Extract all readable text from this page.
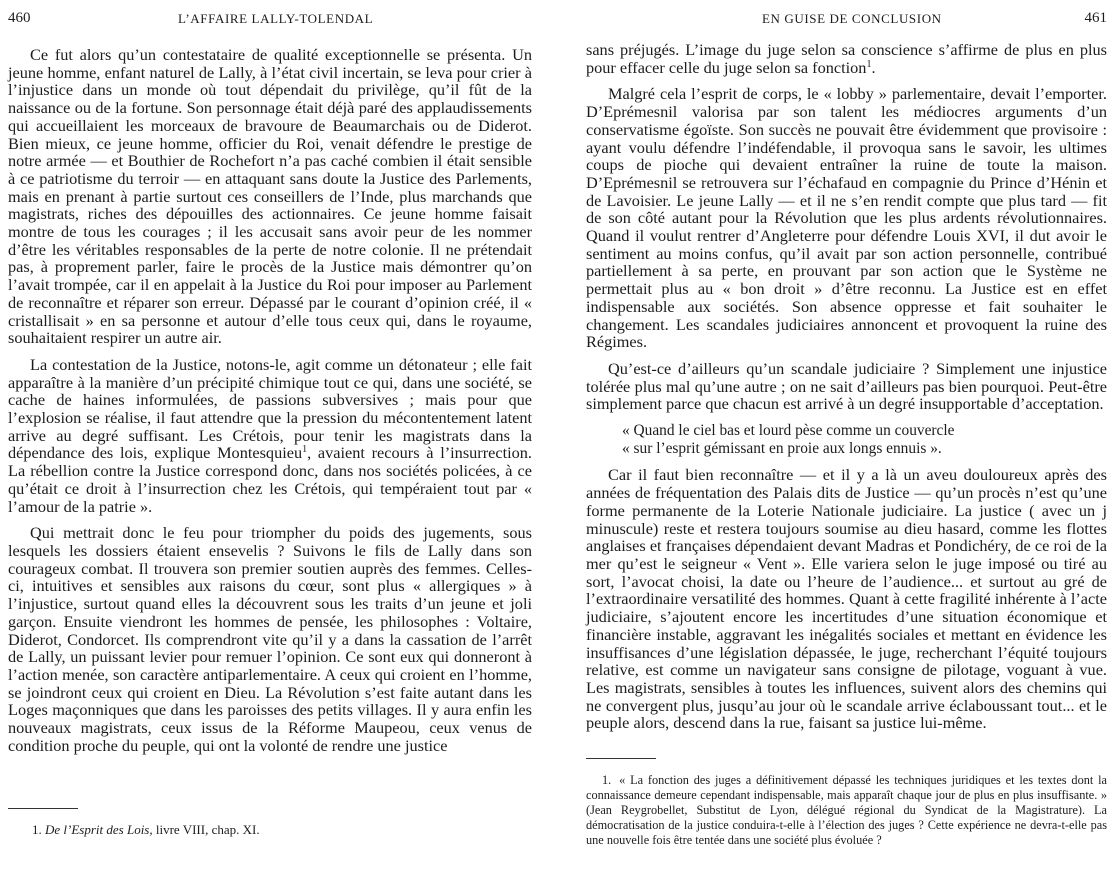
460	L’AFFAIRE LALLY-TOLENDAL

Ce fut alors qu’un contestataire de qualité exceptionnelle se présenta. Un jeune homme, enfant naturel de Lally, à l’état civil incertain, se leva pour crier à l’injustice dans un monde où tout dépendait du privilège, qu’il fût de la naissance ou de la fortune. Son personnage était déjà paré des applaudissements qui accueillaient les morceaux de bravoure de Beaumarchais ou de Diderot. Bien mieux, ce jeune homme, officier du Roi, venait défendre le prestige de notre armée — et Bouthier de Rochefort n’a pas caché combien il était sensible à ce patriotisme du terroir — en attaquant sans doute la Justice des Parlements, mais en prenant à partie surtout ces conseillers de l’Inde, plus marchands que magistrats, riches des dépouilles des actionnaires. Ce jeune homme faisait montre de tous les courages ; il les accusait sans avoir peur de les nommer d’être les véritables responsables de la perte de notre colonie. Il ne prétendait pas, à proprement parler, faire le procès de la Justice mais démontrer qu’on l’avait trompée, car il en appelait à la Justice du Roi pour imposer au Parlement de reconnaître et réparer son erreur. Dépassé par le courant d’opinion créé, il « cristallisait » en sa personne et autour d’elle tous ceux qui, dans le royaume, souhaitaient respirer un autre air.

La contestation de la Justice, notons-le, agit comme un détonateur ; elle fait apparaître à la manière d’un précipité chimique tout ce qui, dans une société, se cache de haines informulées, de passions subversives ; mais pour que l’explosion se réalise, il faut attendre que la pression du mécontentement latent arrive au degré suffisant. Les Crétois, pour tenir les magistrats dans la dépendance des lois, explique Montesquieu$^1$, avaient recours à l’insurrection. La rébellion contre la Justice correspond donc, dans nos sociétés policées, à ce qu’était ce droit à l’insurrection chez les Crétois, qui tempéraient tout par « l’amour de la patrie ».

Qui mettrait donc le feu pour triompher du poids des jugements, sous lesquels les dossiers étaient ensevelis ? Suivons le fils de Lally dans son courageux combat. Il trouvera son premier soutien auprès des femmes. Celles-ci, intuitives et sensibles aux raisons du cœur, sont plus « allergiques » à l’injustice, surtout quand elles la découvrent sous les traits d’un jeune et joli garçon. Ensuite viendront les hommes de pensée, les philosophes : Voltaire, Diderot, Condorcet. Ils comprendront vite qu’il y a dans la cassation de l’arrêt de Lally, un puissant levier pour remuer l’opinion. Ce sont eux qui donneront à l’action menée, son caractère antiparlementaire. A ceux qui croient en l’homme, se joindront ceux qui croient en Dieu. La Révolution s’est faite autant dans les Loges maçonniques que dans les paroisses des petits villages. Il y aura enfin les nouveaux magistrats, ceux issus de la Réforme Maupeou, ceux venus de condition proche du peuple, qui ont la volonté de rendre une justice

1. De l’Esprit des Lois, livre VIII, chap. XI.
EN GUISE DE CONCLUSION	461

sans préjugés. L’image du juge selon sa conscience s’affirme de plus en plus pour effacer celle du juge selon sa fonction$^1$.

Malgré cela l’esprit de corps, le « lobby » parlementaire, devait l’emporter. D’Eprémesnil valorisa par son talent les médiocres arguments d’un conservatisme égoïste. Son succès ne pouvait être évidemment que provisoire : ayant voulu défendre l’indéfendable, il provoqua sans le savoir, les ultimes coups de pioche qui devaient entraîner la ruine de toute la maison. D’Eprémesnil se retrouvera sur l’échafaud en compagnie du Prince d’Hénin et de Lavoisier. Le jeune Lally — et il ne s’en rendit compte que plus tard — fit de son côté autant pour la Révolution que les plus ardents révolutionnaires. Quand il voulut rentrer d’Angleterre pour défendre Louis XVI, il dut avoir le sentiment au moins confus, qu’il avait par son action personnelle, contribué partiellement à sa perte, en prouvant par son action que le Système ne permettait plus au « bon droit » d’être reconnu. La Justice est en effet indispensable aux sociétés. Son absence oppresse et fait souhaiter le changement. Les scandales judiciaires annoncent et provoquent la ruine des Régimes.

Qu’est-ce d’ailleurs qu’un scandale judiciaire ? Simplement une injustice tolérée plus mal qu’une autre ; on ne sait d’ailleurs pas bien pourquoi. Peut-être simplement parce que chacun est arrivé à un degré insupportable d’acceptation.

« Quand le ciel bas et lourd pèse comme un couvercle
« sur l’esprit gémissant en proie aux longs ennuis ».

Car il faut bien reconnaître — et il y a là un aveu douloureux après des années de fréquentation des Palais dits de Justice — qu’un procès n’est qu’une forme permanente de la Loterie Nationale judiciaire. La justice ( avec un j minuscule) reste et restera toujours soumise au dieu hasard, comme les flottes anglaises et françaises dépendaient devant Madras et Pondichéry, de ce roi de la mer qu’est le seigneur « Vent ». Elle variera selon le juge imposé ou tiré au sort, l’avocat choisi, la date ou l’heure de l’audience... et surtout au gré de l’extraordinaire versatilité des hommes. Quant à cette fragilité inhérente à l’acte judiciaire, s’ajoutent encore les incertitudes d’une situation économique et financière instable, aggravant les inégalités sociales et mettant en évidence les insuffisances d’une législation dépassée, le juge, recherchant l’équité toujours relative, est comme un navigateur sans consigne de pilotage, voguant à vue. Les magistrats, sensibles à toutes les influences, suivent alors des chemins qui ne convergent plus, jusqu’au jour où le scandale arrive éclaboussant tout... et le peuple alors, descend dans la rue, faisant sa justice lui-même.

1. « La fonction des juges a définitivement dépassé les techniques juridiques et les textes dont la connaissance demeure cependant indispensable, mais apparaît chaque jour de plus en plus insuffisante. » (Jean Reygrobellet, Substitut de Lyon, délégué régional du Syndicat de la Magistrature). La démocratisation de la justice conduira-t-elle à l’élection des juges ? Cette expérience ne devra-t-elle pas une nouvelle fois être tentée dans une société plus évoluée ?
